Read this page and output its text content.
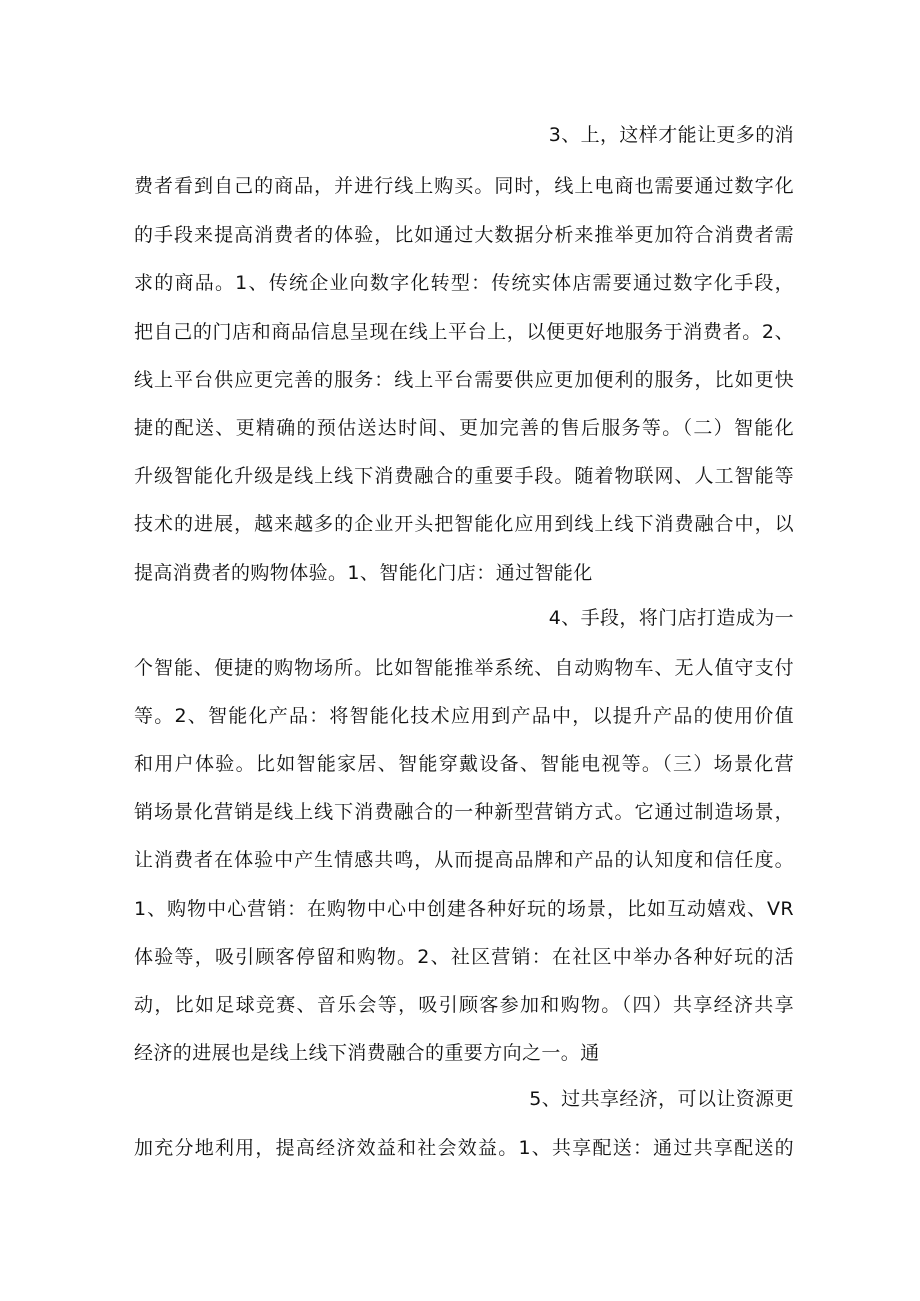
3、上，这样才能让更多的消
费者看到自己的商品，并进行线上购买。同时，线上电商也需要通过数字化
的手段来提高消费者的体验，比如通过大数据分析来推举更加符合消费者需
求的商品。1、传统企业向数字化转型：传统实体店需要通过数字化手段，
把自己的门店和商品信息呈现在线上平台上，以便更好地服务于消费者。2、
线上平台供应更完善的服务：线上平台需要供应更加便利的服务，比如更快
捷的配送、更精确的预估送达时间、更加完善的售后服务等。（二）智能化
升级智能化升级是线上线下消费融合的重要手段。随着物联网、人工智能等
技术的进展，越来越多的企业开头把智能化应用到线上线下消费融合中，以
提高消费者的购物体验。1、智能化门店：通过智能化
4、手段，将门店打造成为一
个智能、便捷的购物场所。比如智能推举系统、自动购物车、无人值守支付
等。2、智能化产品：将智能化技术应用到产品中，以提升产品的使用价值
和用户体验。比如智能家居、智能穿戴设备、智能电视等。（三）场景化营
销场景化营销是线上线下消费融合的一种新型营销方式。它通过制造场景，
让消费者在体验中产生情感共鸣，从而提高品牌和产品的认知度和信任度。
1、购物中心营销：在购物中心中创建各种好玩的场景，比如互动嬉戏、VR
体验等，吸引顾客停留和购物。2、社区营销：在社区中举办各种好玩的活
动，比如足球竞赛、音乐会等，吸引顾客参加和购物。（四）共享经济共享
经济的进展也是线上线下消费融合的重要方向之一。通
5、过共享经济，可以让资源更
加充分地利用，提高经济效益和社会效益。1、共享配送：通过共享配送的
